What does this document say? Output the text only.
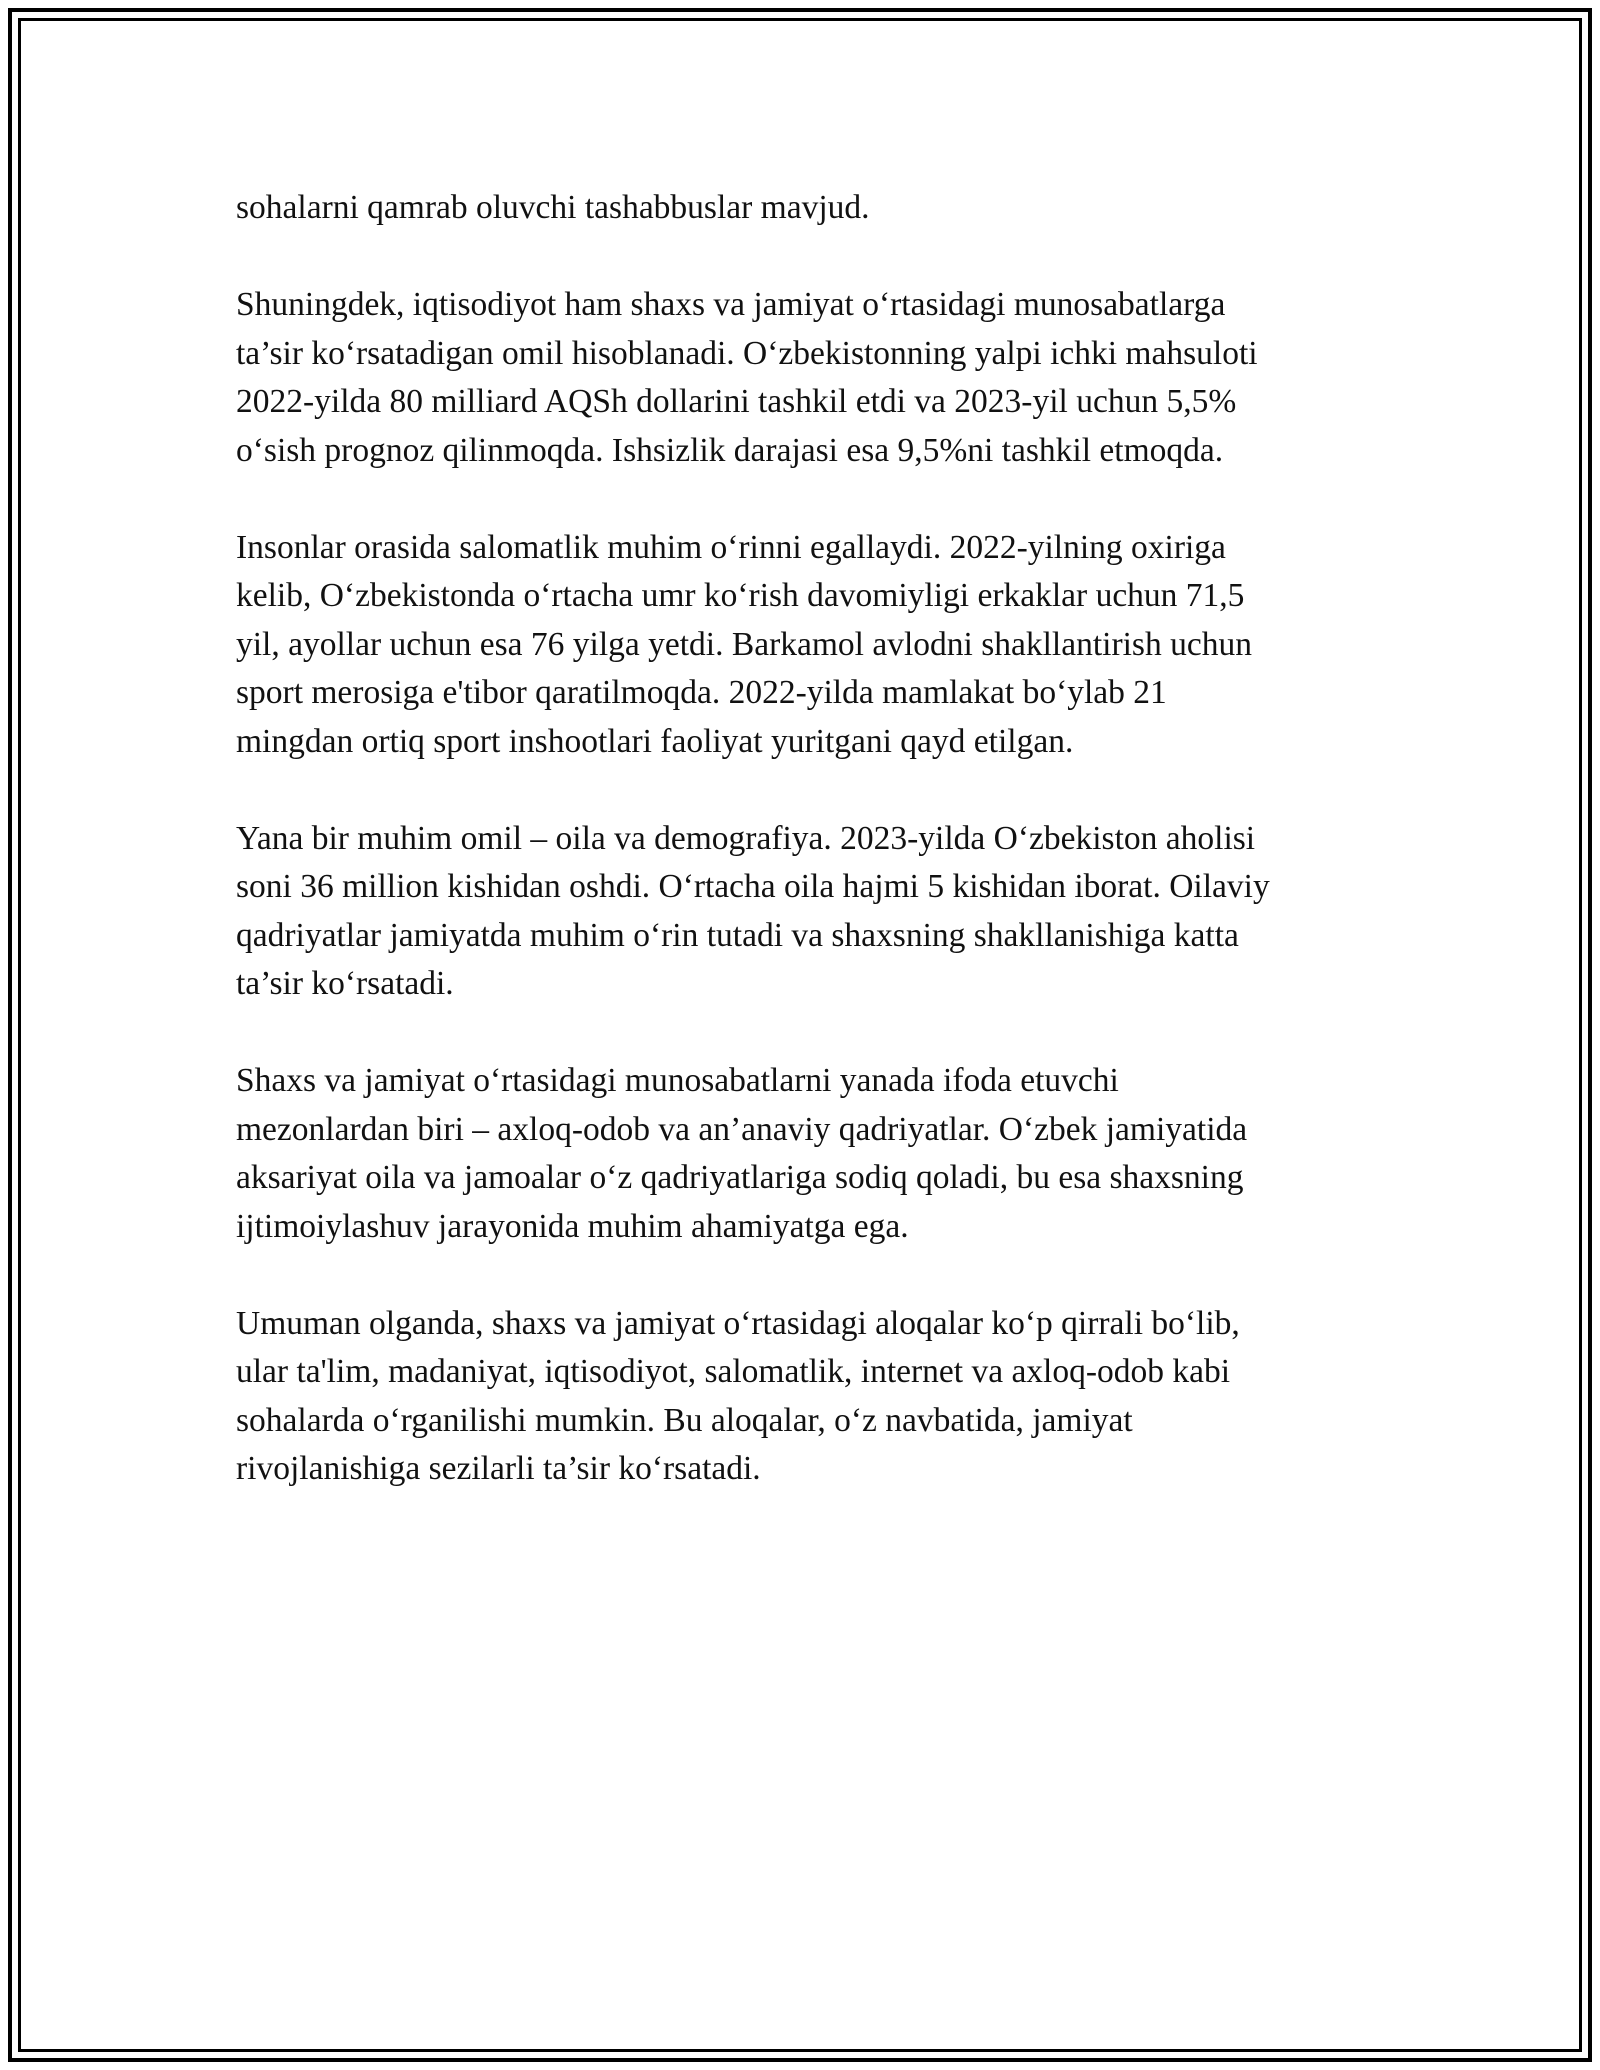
sohalarni qamrab oluvchi tashabbuslar mavjud.

Shuningdek, iqtisodiyot ham shaxs va jamiyat o‘rtasidagi munosabatlarga
ta’sir ko‘rsatadigan omil hisoblanadi. O‘zbekistonning yalpi ichki mahsuloti
2022-yilda 80 milliard AQSh dollarini tashkil etdi va 2023-yil uchun 5,5%
o‘sish prognoz qilinmoqda. Ishsizlik darajasi esa 9,5%ni tashkil etmoqda.

Insonlar orasida salomatlik muhim o‘rinni egallaydi. 2022-yilning oxiriga
kelib, O‘zbekistonda o‘rtacha umr ko‘rish davomiyligi erkaklar uchun 71,5
yil, ayollar uchun esa 76 yilga yetdi. Barkamol avlodni shakllantirish uchun
sport merosiga e'tibor qaratilmoqda. 2022-yilda mamlakat bo‘ylab 21
mingdan ortiq sport inshootlari faoliyat yuritgani qayd etilgan.

Yana bir muhim omil – oila va demografiya. 2023-yilda O‘zbekiston aholisi
soni 36 million kishidan oshdi. O‘rtacha oila hajmi 5 kishidan iborat. Oilaviy
qadriyatlar jamiyatda muhim o‘rin tutadi va shaxsning shakllanishiga katta
ta’sir ko‘rsatadi.

Shaxs va jamiyat o‘rtasidagi munosabatlarni yanada ifoda etuvchi
mezonlardan biri – axloq-odob va an’anaviy qadriyatlar. O‘zbek jamiyatida
aksariyat oila va jamoalar o‘z qadriyatlariga sodiq qoladi, bu esa shaxsning
ijtimoiylashuv jarayonida muhim ahamiyatga ega.

Umuman olganda, shaxs va jamiyat o‘rtasidagi aloqalar ko‘p qirrali bo‘lib,
ular ta'lim, madaniyat, iqtisodiyot, salomatlik, internet va axloq-odob kabi
sohalarda o‘rganilishi mumkin. Bu aloqalar, o‘z navbatida, jamiyat
rivojlanishiga sezilarli ta’sir ko‘rsatadi.
